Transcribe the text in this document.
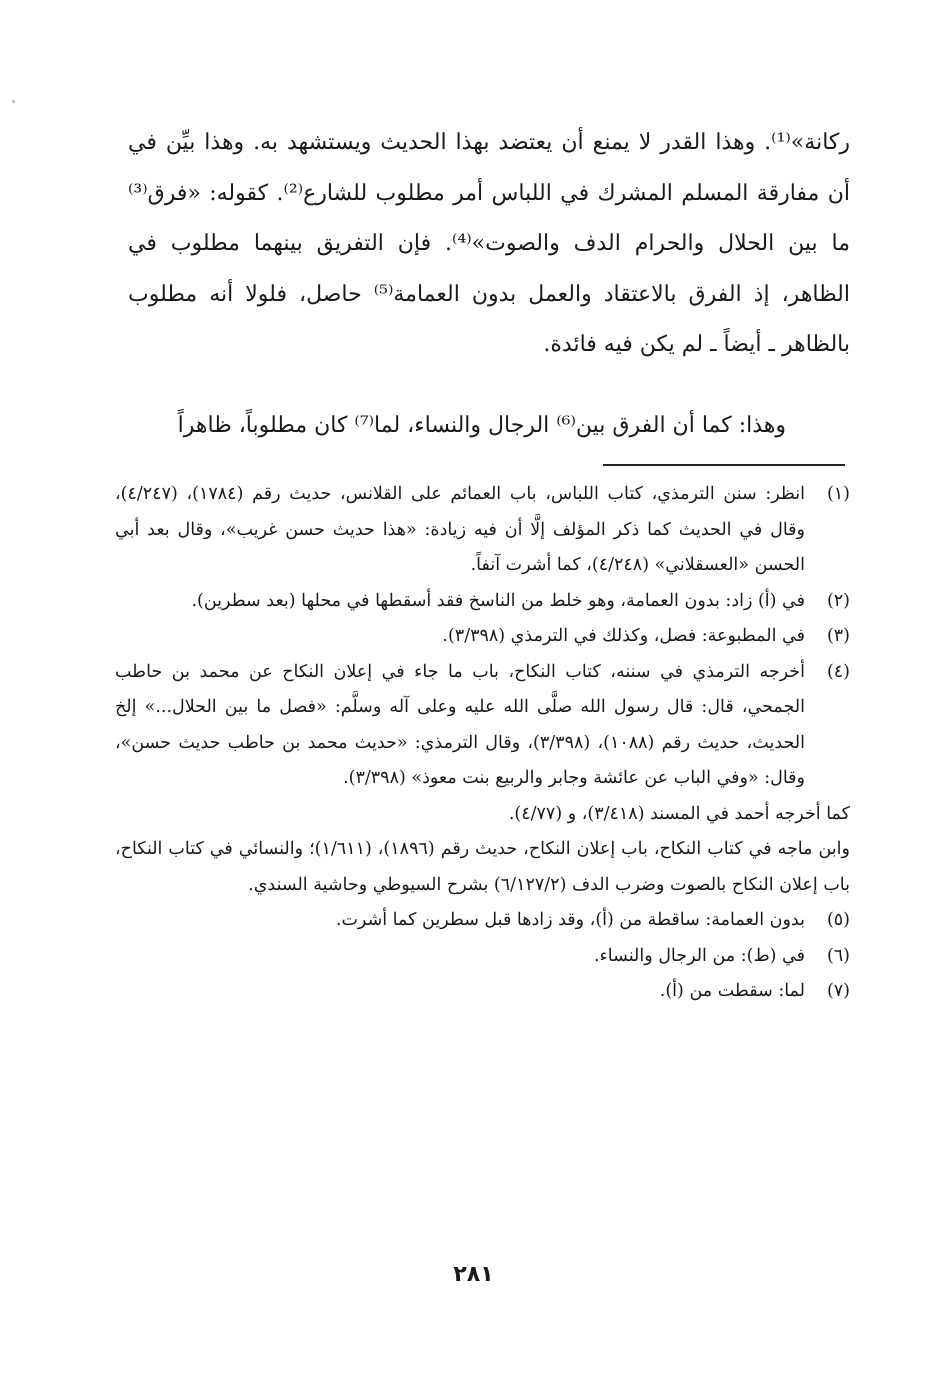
ركانة»⁽¹⁾. وهذا القدر لا يمنع أن يعتضد بهذا الحديث ويستشهد به. وهذا بيِّن في أن مفارقة المسلم المشرك في اللباس أمر مطلوب للشارع⁽²⁾. كقوله: «فرق⁽³⁾ ما بين الحلال والحرام الدف والصوت»⁽⁴⁾. فإن التفريق بينهما مطلوب في الظاهر، إذ الفرق بالاعتقاد والعمل بدون العمامة⁽⁵⁾ حاصل، فلولا أنه مطلوب بالظاهر ـ أيضاً ـ لم يكن فيه فائدة.

وهذا: كما أن الفرق بين⁽⁶⁾ الرجال والنساء، لما⁽⁷⁾ كان مطلوباً، ظاهراً

(١)
انظر: سنن الترمذي، كتاب اللباس، باب العمائم على القلانس، حديث رقم (١٧٨٤)، (٤/٢٤٧)، وقال في الحديث كما ذكر المؤلف إلَّا أن فيه زيادة: «هذا حديث حسن غريب»، وقال بعد أبي الحسن «العسقلاني» (٤/٢٤٨)، كما أشرت آنفاً.
(٢)
في (أ) زاد: بدون العمامة، وهو خلط من الناسخ فقد أسقطها في محلها (بعد سطرين).
(٣)
في المطبوعة: فصل، وكذلك في الترمذي (٣/٣٩٨).
(٤)
أخرجه الترمذي في سننه، كتاب النكاح، باب ما جاء في إعلان النكاح عن محمد بن حاطب الجمحي، قال: قال رسول الله صلَّى الله عليه وعلى آله وسلَّم: «فصل ما بين الحلال...» إلخ الحديث، حديث رقم (١٠٨٨)، (٣/٣٩٨)، وقال الترمذي: «حديث محمد بن حاطب حديث حسن»، وقال: «وفي الباب عن عائشة وجابر والربيع بنت معوذ» (٣/٣٩٨).
كما أخرجه أحمد في المسند (٣/٤١٨)، و (٤/٧٧).
وابن ماجه في كتاب النكاح، باب إعلان النكاح، حديث رقم (١٨٩٦)، (١/٦١١)؛ والنسائي في كتاب النكاح، باب إعلان النكاح بالصوت وضرب الدف (٦/١٢٧/٢) بشرح السيوطي وحاشية السندي.
(٥)
بدون العمامة: ساقطة من (أ)، وقد زادها قبل سطرين كما أشرت.
(٦)
في (ط): من الرجال والنساء.
(٧)
لما: سقطت من (أ).
٢٨١
